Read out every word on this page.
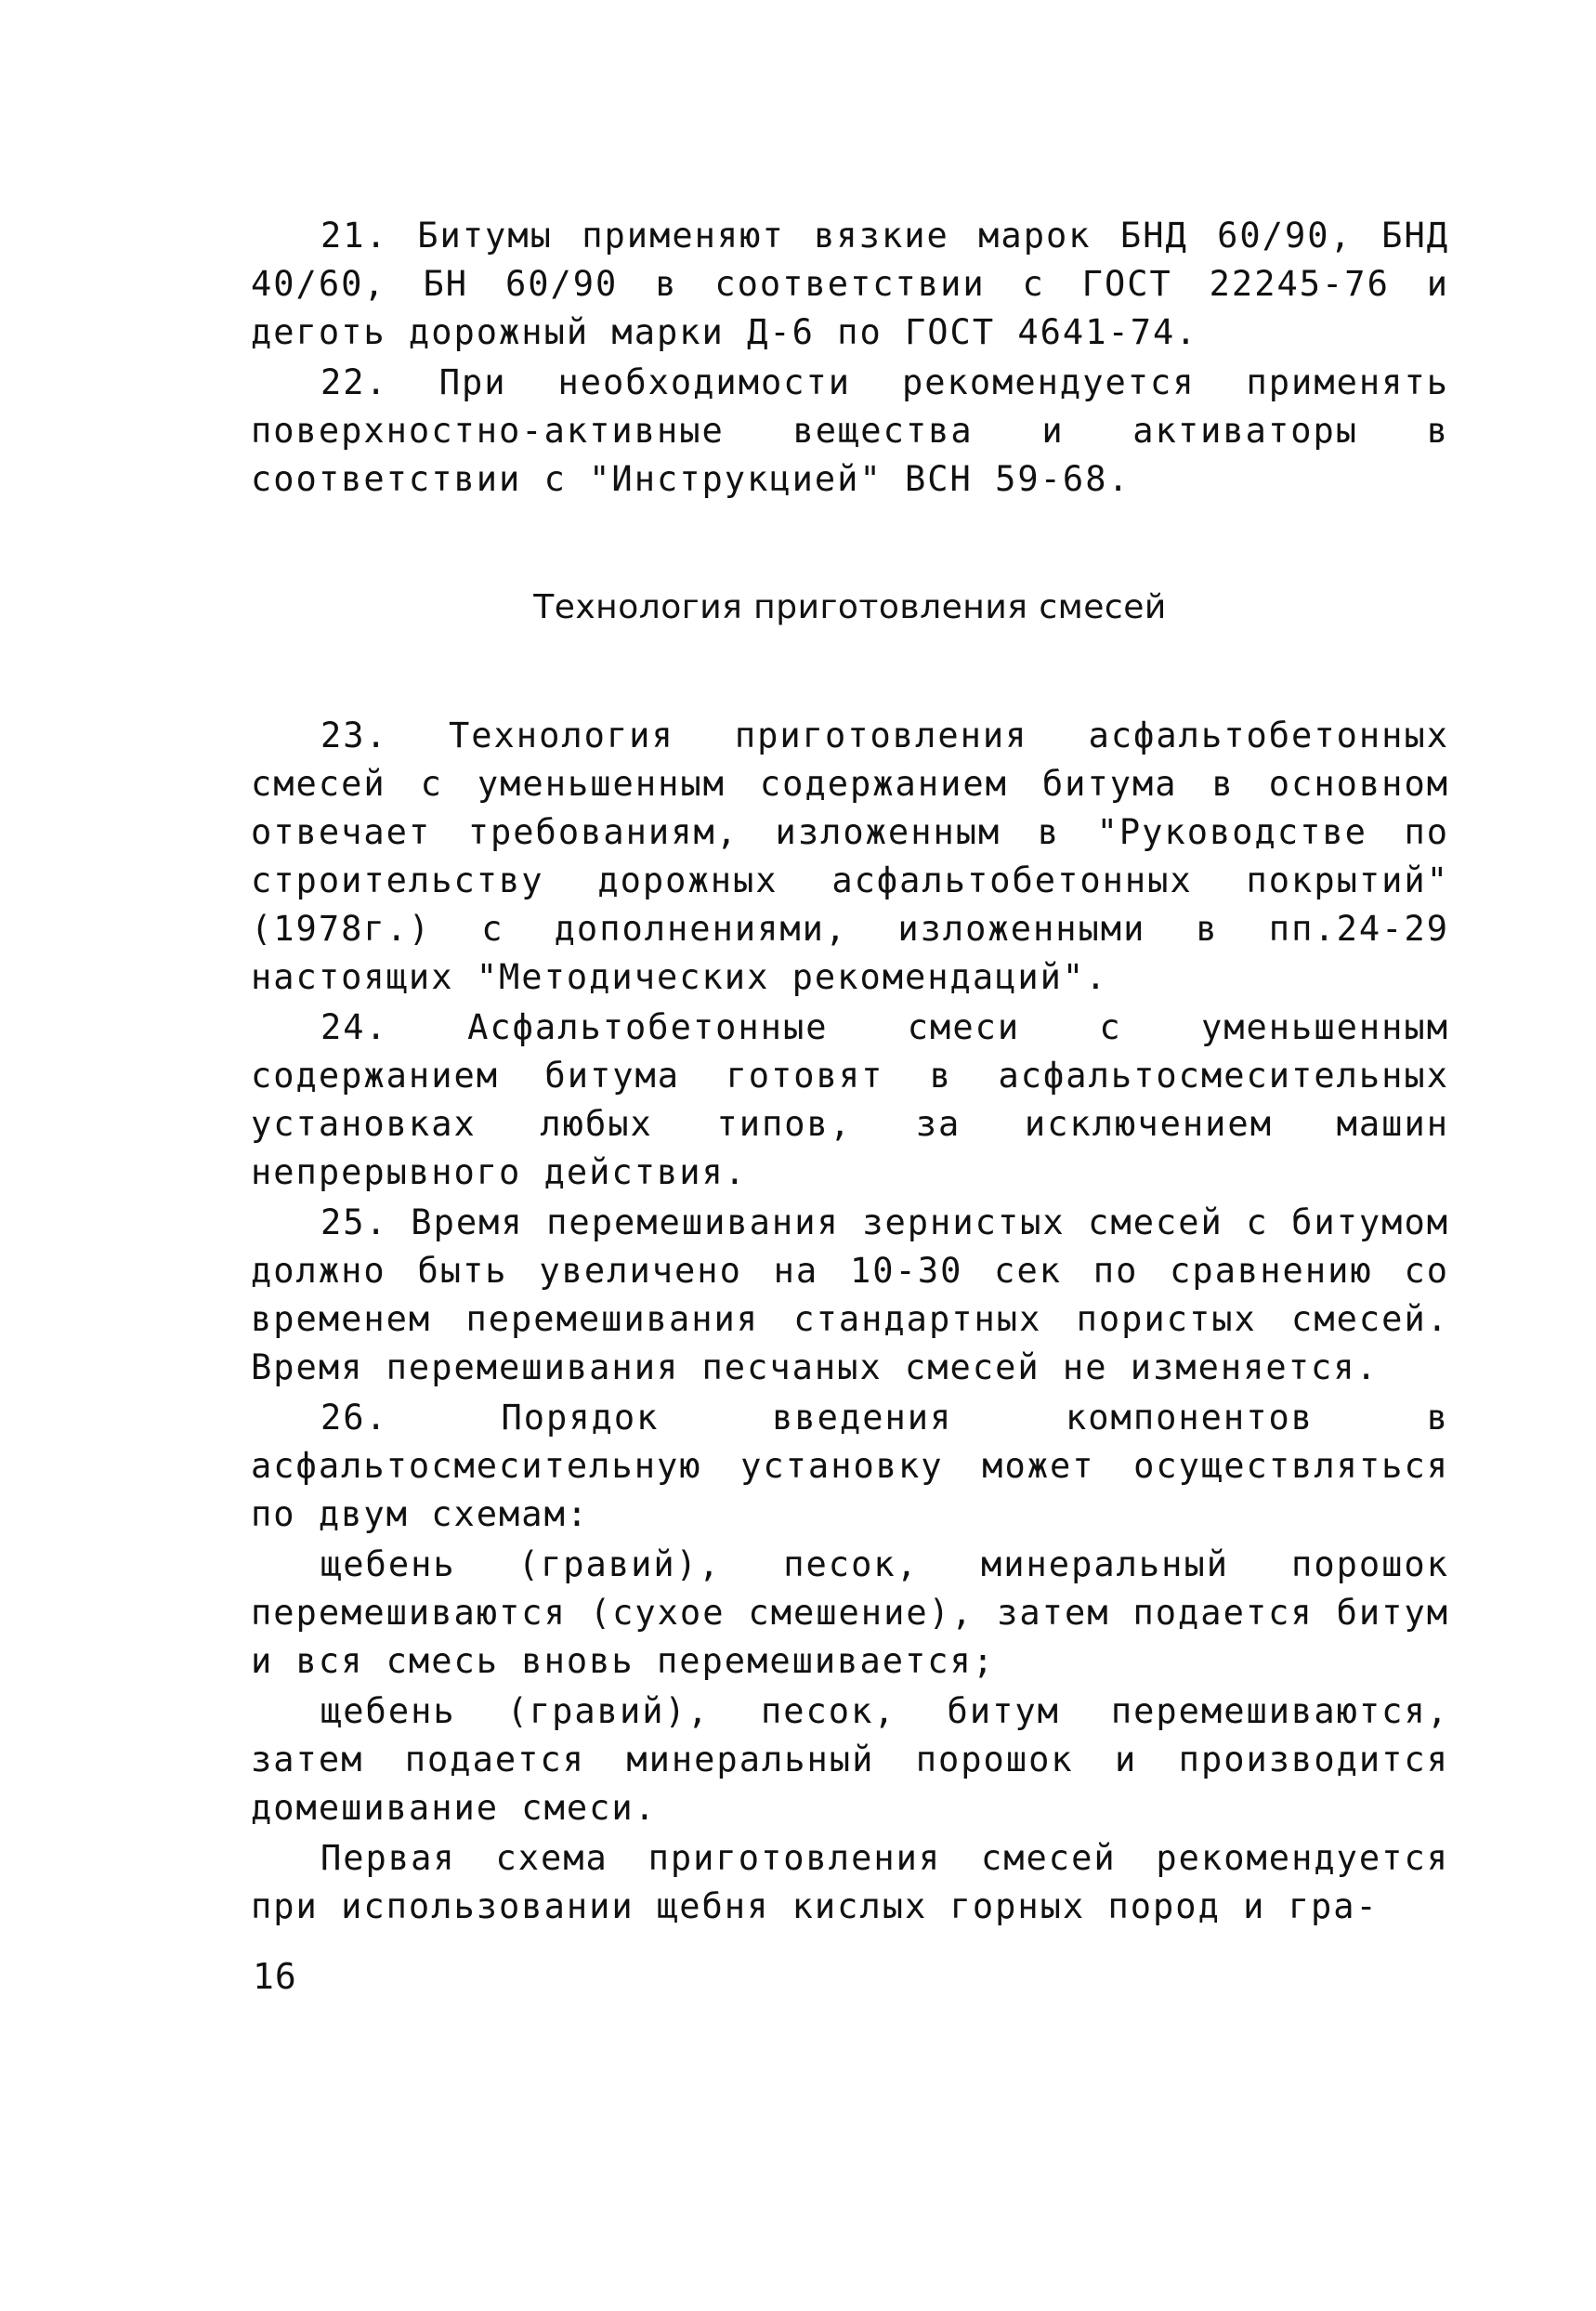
21. Битумы применяют вязкие марок БНД 60/90, БНД 40/60, БН 60/90 в соответствии с ГОСТ 22245-76 и деготь дорожный марки Д-6 по ГОСТ 4641-74.

22. При необходимости рекомендуется применять поверхностно-активные вещества и активаторы в соответствии с "Инструкцией" ВСН 59-68.

Технология приготовления смесей

23. Технология приготовления асфальтобетонных смесей с уменьшенным содержанием битума в основном отвечает требованиям, изложенным в "Руководстве по строительству дорожных асфальтобетонных покрытий" (1978г.) с дополнениями, изложенными в пп.24-29 настоящих "Методических рекомендаций".

24. Асфальтобетонные смеси с уменьшенным содержанием битума готовят в асфальтосмесительных установках любых типов, за исключением машин непрерывного действия.

25. Время перемешивания зернистых смесей с битумом должно быть увеличено на 10-30 сек по сравнению со временем перемешивания стандартных пористых смесей. Время перемешивания песчаных смесей не изменяется.

26. Порядок введения компонентов в асфальтосмесительную установку может осуществляться по двум схемам:

щебень (гравий), песок, минеральный порошок перемешиваются (сухое смешение), затем подается битум и вся смесь вновь перемешивается;

щебень (гравий), песок, битум перемешиваются, затем подается минеральный порошок и производится домешивание смеси.

Первая схема приготовления смесей рекомендуется при использовании щебня кислых горных пород и гра-

16
